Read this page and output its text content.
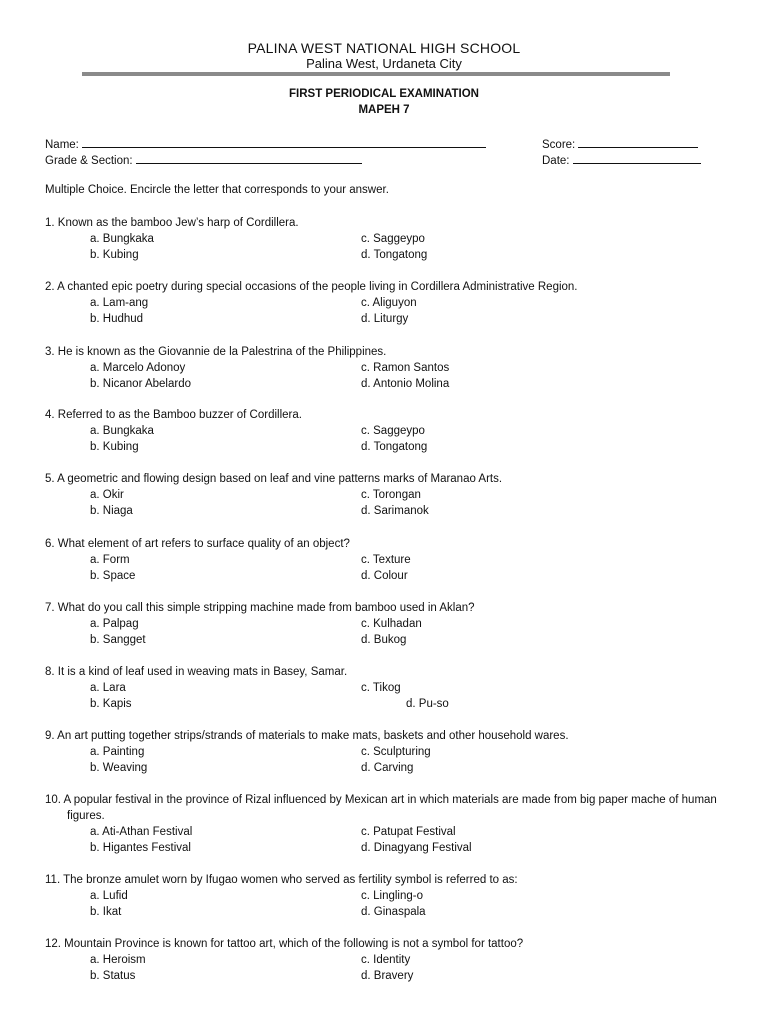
PALINA WEST NATIONAL HIGH SCHOOL
Palina West, Urdaneta City
FIRST PERIODICAL EXAMINATION
MAPEH 7
Name:	Score:
Grade & Section:	Date:
Multiple Choice. Encircle the letter that corresponds to your answer.
1. Known as the bamboo Jew’s harp of Cordillera.
a. Bungkaka	c. Saggeypo
b. Kubing	d. Tongatong
2. A chanted epic poetry during special occasions of the people living in Cordillera Administrative Region.
a. Lam-ang	c. Aliguyon
b. Hudhud	d. Liturgy
3. He is known as the Giovannie de la Palestrina of the Philippines.
a. Marcelo Adonoy	c. Ramon Santos
b. Nicanor Abelardo	d. Antonio Molina
4. Referred to as the Bamboo buzzer of Cordillera.
a. Bungkaka	c. Saggeypo
b. Kubing	d. Tongatong
5. A geometric and flowing design based on leaf and vine patterns marks of Maranao Arts.
a. Okir	c. Torongan
b. Niaga	d. Sarimanok
6. What element of art refers to surface quality of an object?
a. Form	c. Texture
b. Space	d. Colour
7. What do you call this simple stripping machine made from bamboo used in Aklan?
a. Palpag	c. Kulhadan
b. Sangget	d. Bukog
8. It is a kind of leaf used in weaving mats in Basey, Samar.
a. Lara	c. Tikog
b. Kapis	d. Pu-so
9. An art putting together strips/strands of materials to make mats, baskets and other household wares.
a. Painting	c. Sculpturing
b. Weaving	d. Carving
10. A popular festival in the province of Rizal influenced by Mexican art in which materials are made from big paper mache of human figures.
a. Ati-Athan Festival	c. Patupat Festival
b. Higantes Festival	d. Dinagyang Festival
11. The bronze amulet worn by Ifugao women who served as fertility symbol is referred to as:
a. Lufid	c. Lingling-o
b. Ikat	d. Ginaspala
12. Mountain Province is known for tattoo art, which of the following is not a symbol for tattoo?
a. Heroism	c. Identity
b. Status	d. Bravery
